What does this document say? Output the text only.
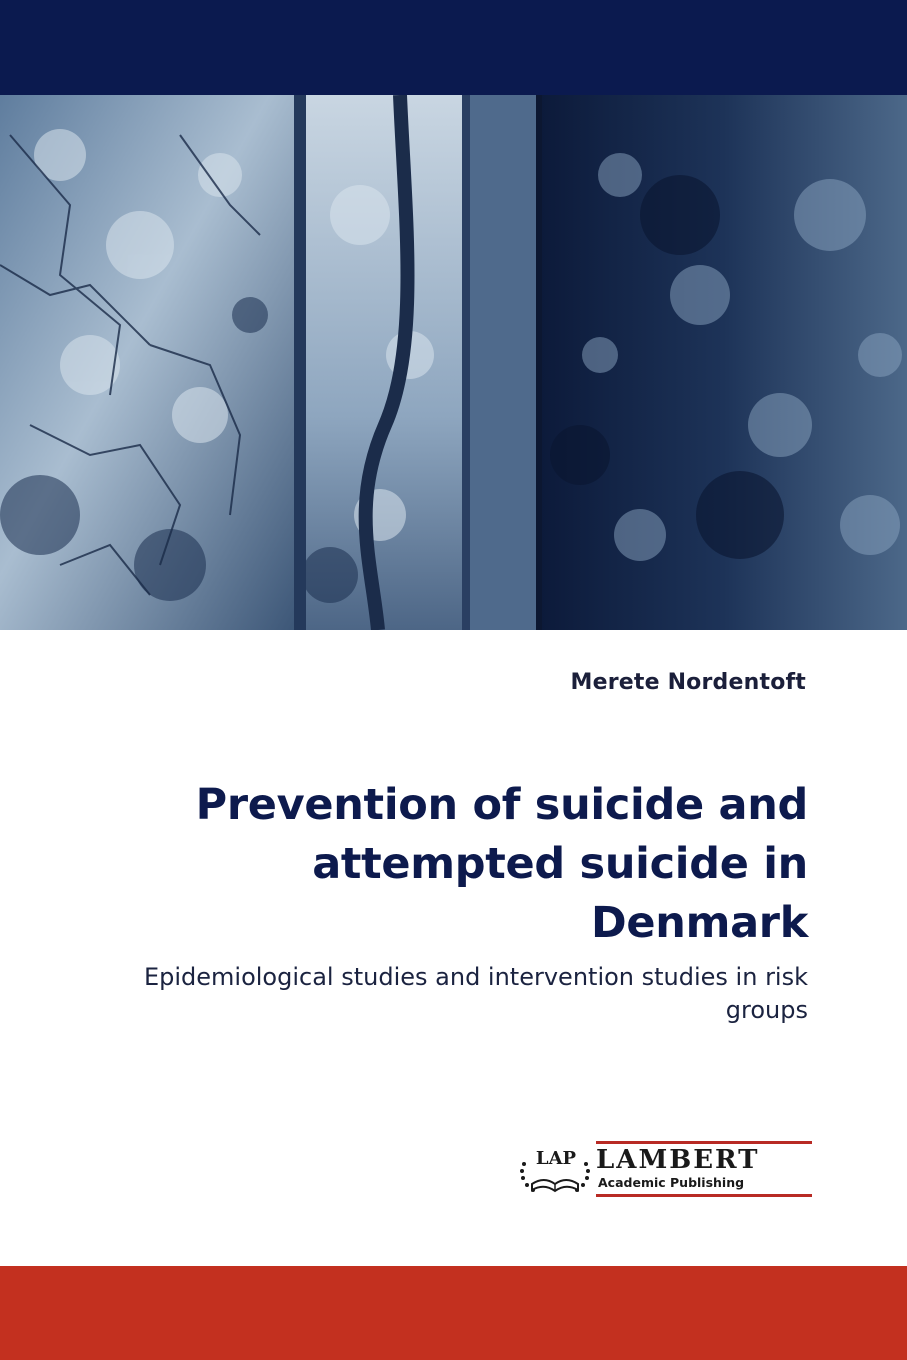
Merete Nordentoft
Prevention of suicide and
attempted suicide in
Denmark
Epidemiological studies and intervention studies in risk
groups
LAP LAMBERT
Academic Publishing
